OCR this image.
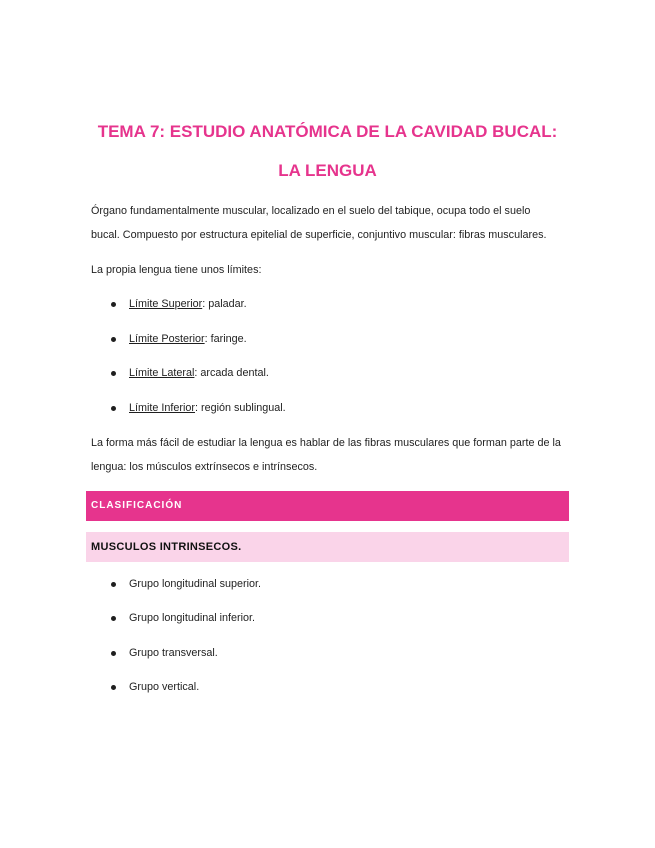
TEMA 7: ESTUDIO ANATÓMICA DE LA CAVIDAD BUCAL:
LA LENGUA

Órgano fundamentalmente muscular, localizado en el suelo del tabique, ocupa todo el suelo
bucal. Compuesto por estructura epitelial de superficie, conjuntivo muscular: fibras musculares.

La propia lengua tiene unos límites:

Límite Superior: paladar.
Límite Posterior: faringe.
Límite Lateral: arcada dental.
Límite Inferior: región sublingual.

La forma más fácil de estudiar la lengua es hablar de las fibras musculares que forman parte de la
lengua: los músculos extrínsecos e intrínsecos.

CLASIFICACIÓN
MUSCULOS INTRINSECOS.
Grupo longitudinal superior.
Grupo longitudinal inferior.
Grupo transversal.
Grupo vertical.
